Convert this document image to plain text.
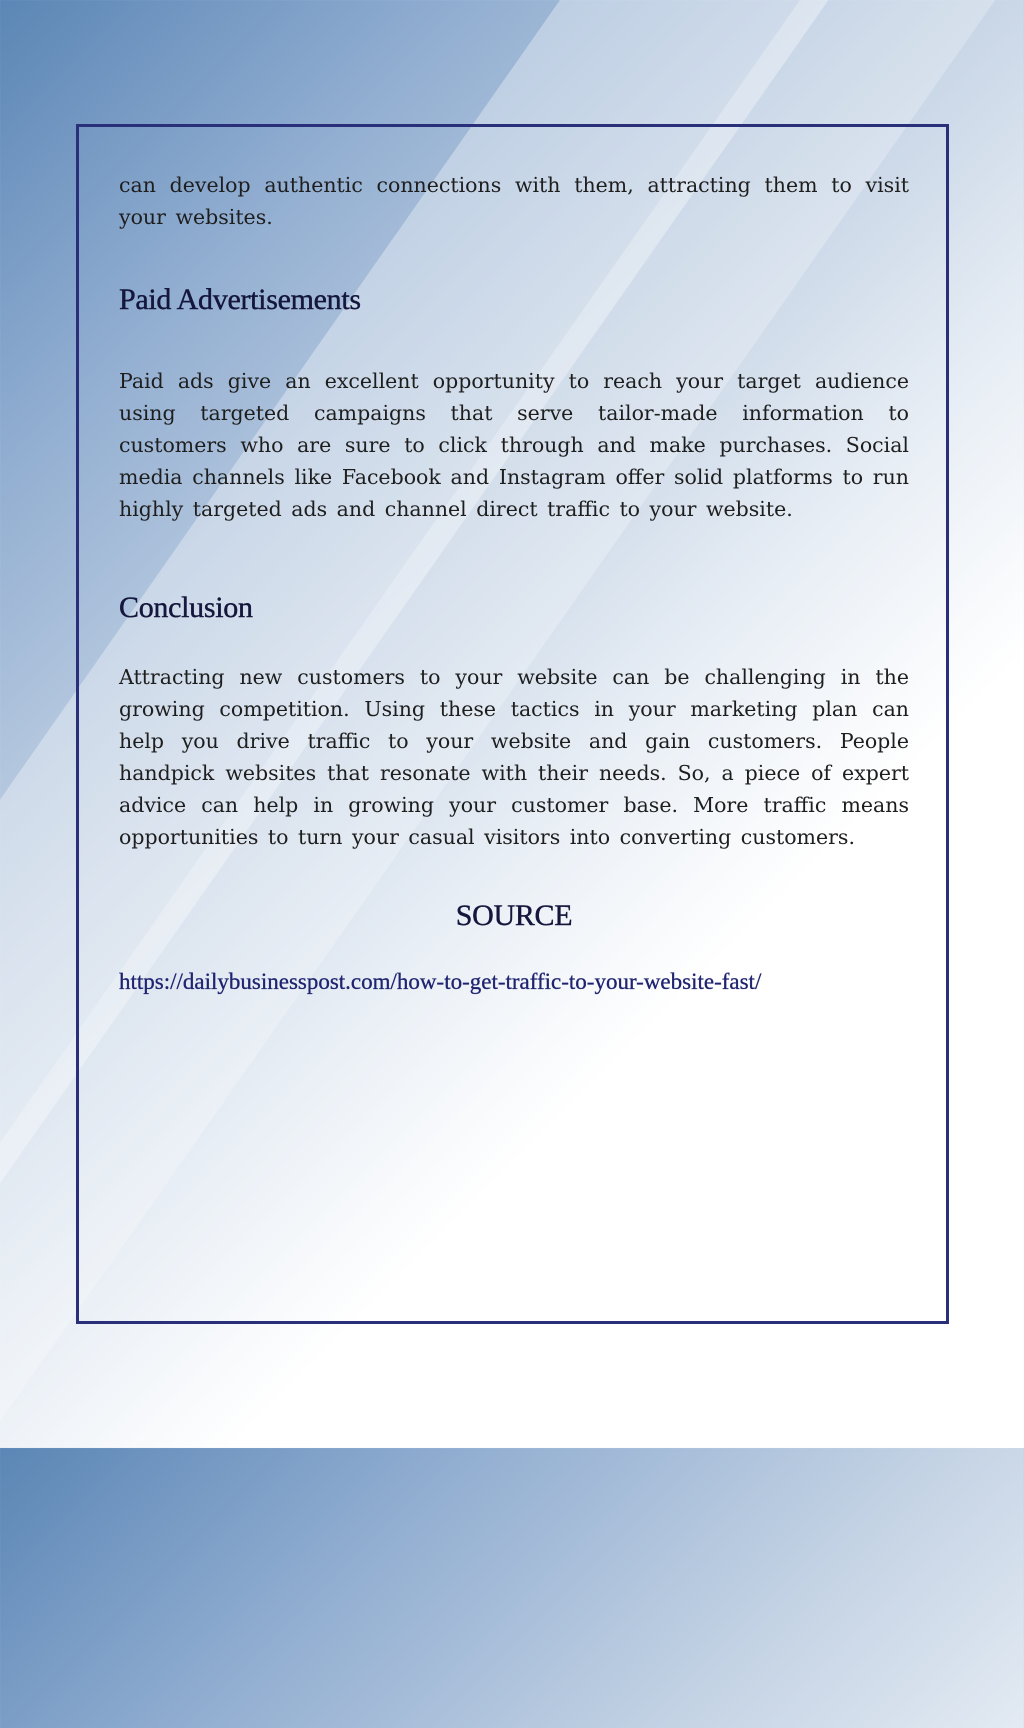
can develop authentic connections with them, attracting them to visit your websites.

Paid Advertisements

Paid ads give an excellent opportunity to reach your target audience using targeted campaigns that serve tailor-made information to customers who are sure to click through and make purchases. Social media channels like Facebook and Instagram offer solid platforms to run highly targeted ads and channel direct traffic to your website.

Conclusion

Attracting new customers to your website can be challenging in the growing competition. Using these tactics in your marketing plan can help you drive traffic to your website and gain customers. People handpick websites that resonate with their needs. So, a piece of expert advice can help in growing your customer base. More traffic means opportunities to turn your casual visitors into converting customers.

SOURCE
https://dailybusinesspost.com/how-to-get-traffic-to-your-website-fast/
